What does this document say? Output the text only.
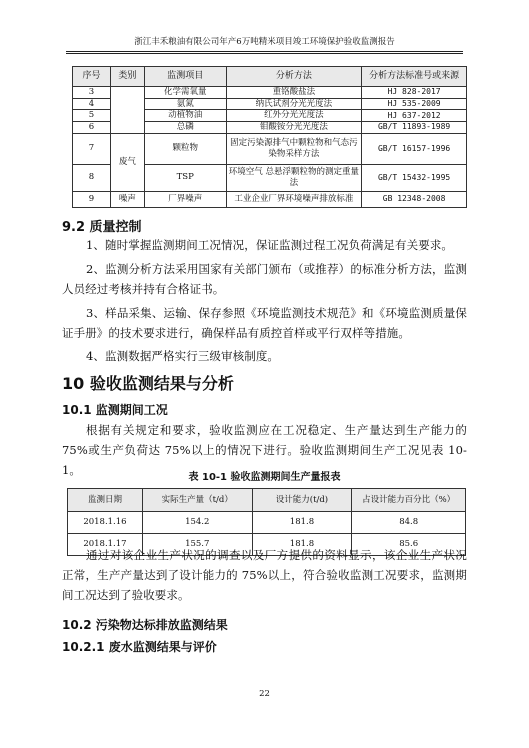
浙江丰禾粮油有限公司年产6万吨精米项目竣工环境保护验收监测报告
序号	类别	监测项目	分析方法	分析方法标准号或来源
3		化学需氧量	重铬酸盐法	HJ 828-2017
4		氨氮	纳氏试剂分光光度法	HJ 535-2009
5		动植物油	红外分光光度法	HJ 637-2012
6		总磷	钼酸铵分光光度法	GB/T 11893-1989
7	废气	颗粒物	固定污染源排气中颗粒物和气态污染物采样方法	GB/T 16157-1996
8		TSP	环境空气 总悬浮颗粒物的测定重量法	GB/T 15432-1995
9	噪声	厂界噪声	工业企业厂界环境噪声排放标准	GB 12348-2008
9.2 质量控制
1、随时掌握监测期间工况情况，保证监测过程工况负荷满足有关要求。
2、监测分析方法采用国家有关部门颁布（或推荐）的标准分析方法，监测人员经过考核并持有合格证书。
3、样品采集、运输、保存参照《环境监测技术规范》和《环境监测质量保证手册》的技术要求进行，确保样品有质控首样或平行双样等措施。
4、监测数据严格实行三级审核制度。
10 验收监测结果与分析
10.1 监测期间工况
根据有关规定和要求，验收监测应在工况稳定、生产量达到生产能力的75%或生产负荷达 75%以上的情况下进行。验收监测期间生产工况见表 10-1。
表 10-1 验收监测期间生产量报表
监测日期	实际生产量（t/d）	设计能力(t/d)	占设计能力百分比（%）
2018.1.16	154.2	181.8	84.8
2018.1.17	155.7	181.8	85.6
通过对该企业生产状况的调查以及厂方提供的资料显示，该企业生产状况正常，生产产量达到了设计能力的 75%以上，符合验收监测工况要求，监测期间工况达到了验收要求。
10.2 污染物达标排放监测结果
10.2.1 废水监测结果与评价
22
